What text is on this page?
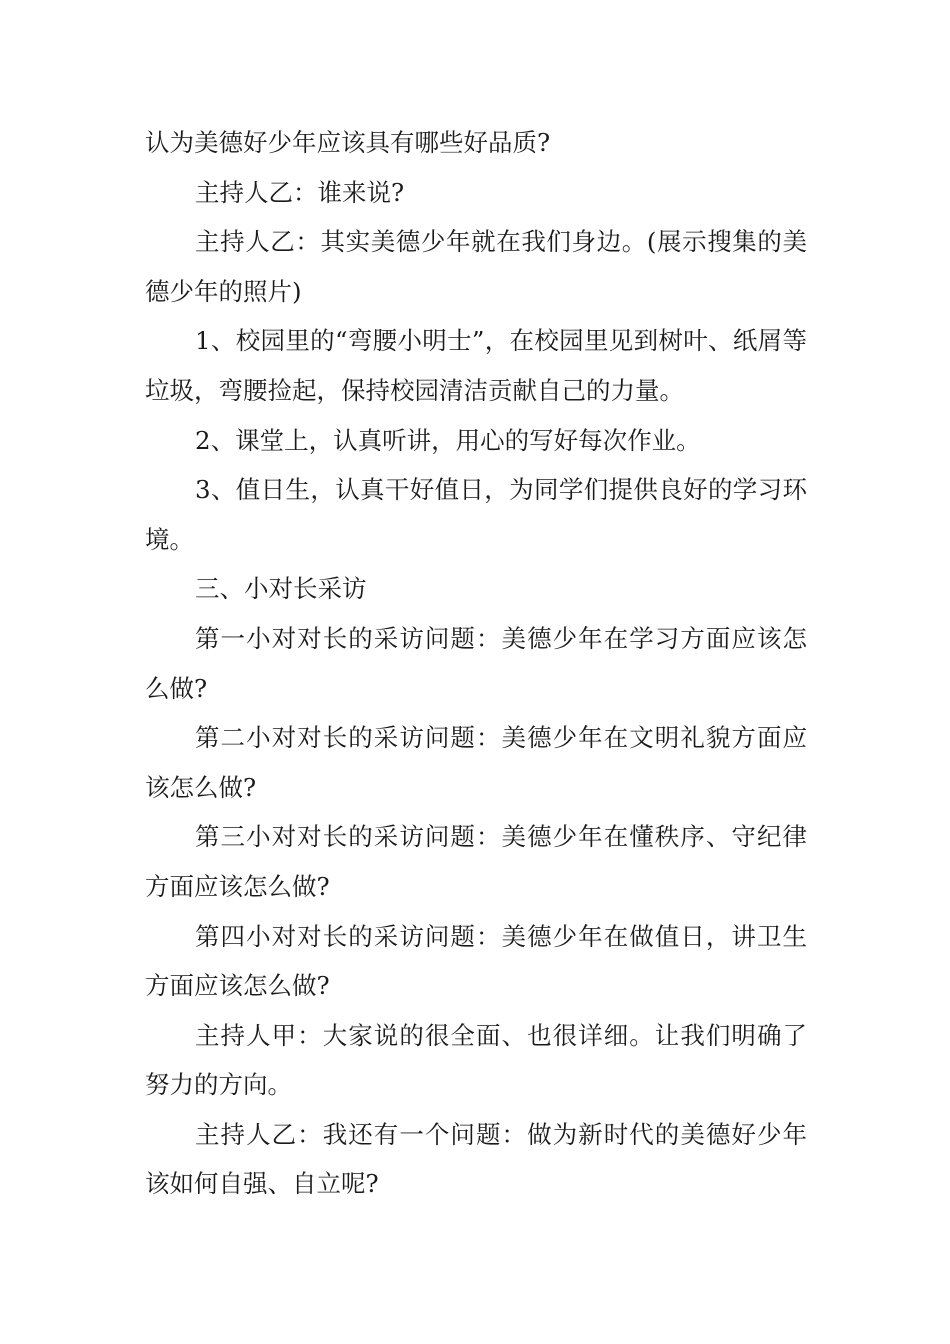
认为美德好少年应该具有哪些好品质?

主持人乙：谁来说?

主持人乙：其实美德少年就在我们身边。(展示搜集的美德少年的照片)

1、校园里的“弯腰小明士”，在校园里见到树叶、纸屑等垃圾，弯腰捡起，保持校园清洁贡献自己的力量。

2、课堂上，认真听讲，用心的写好每次作业。

3、值日生，认真干好值日，为同学们提供良好的学习环境。

三、小对长采访

第一小对对长的采访问题：美德少年在学习方面应该怎么做?

第二小对对长的采访问题：美德少年在文明礼貌方面应该怎么做?

第三小对对长的采访问题：美德少年在懂秩序、守纪律方面应该怎么做?

第四小对对长的采访问题：美德少年在做值日，讲卫生方面应该怎么做?

主持人甲：大家说的很全面、也很详细。让我们明确了努力的方向。

主持人乙：我还有一个问题：做为新时代的美德好少年该如何自强、自立呢?
